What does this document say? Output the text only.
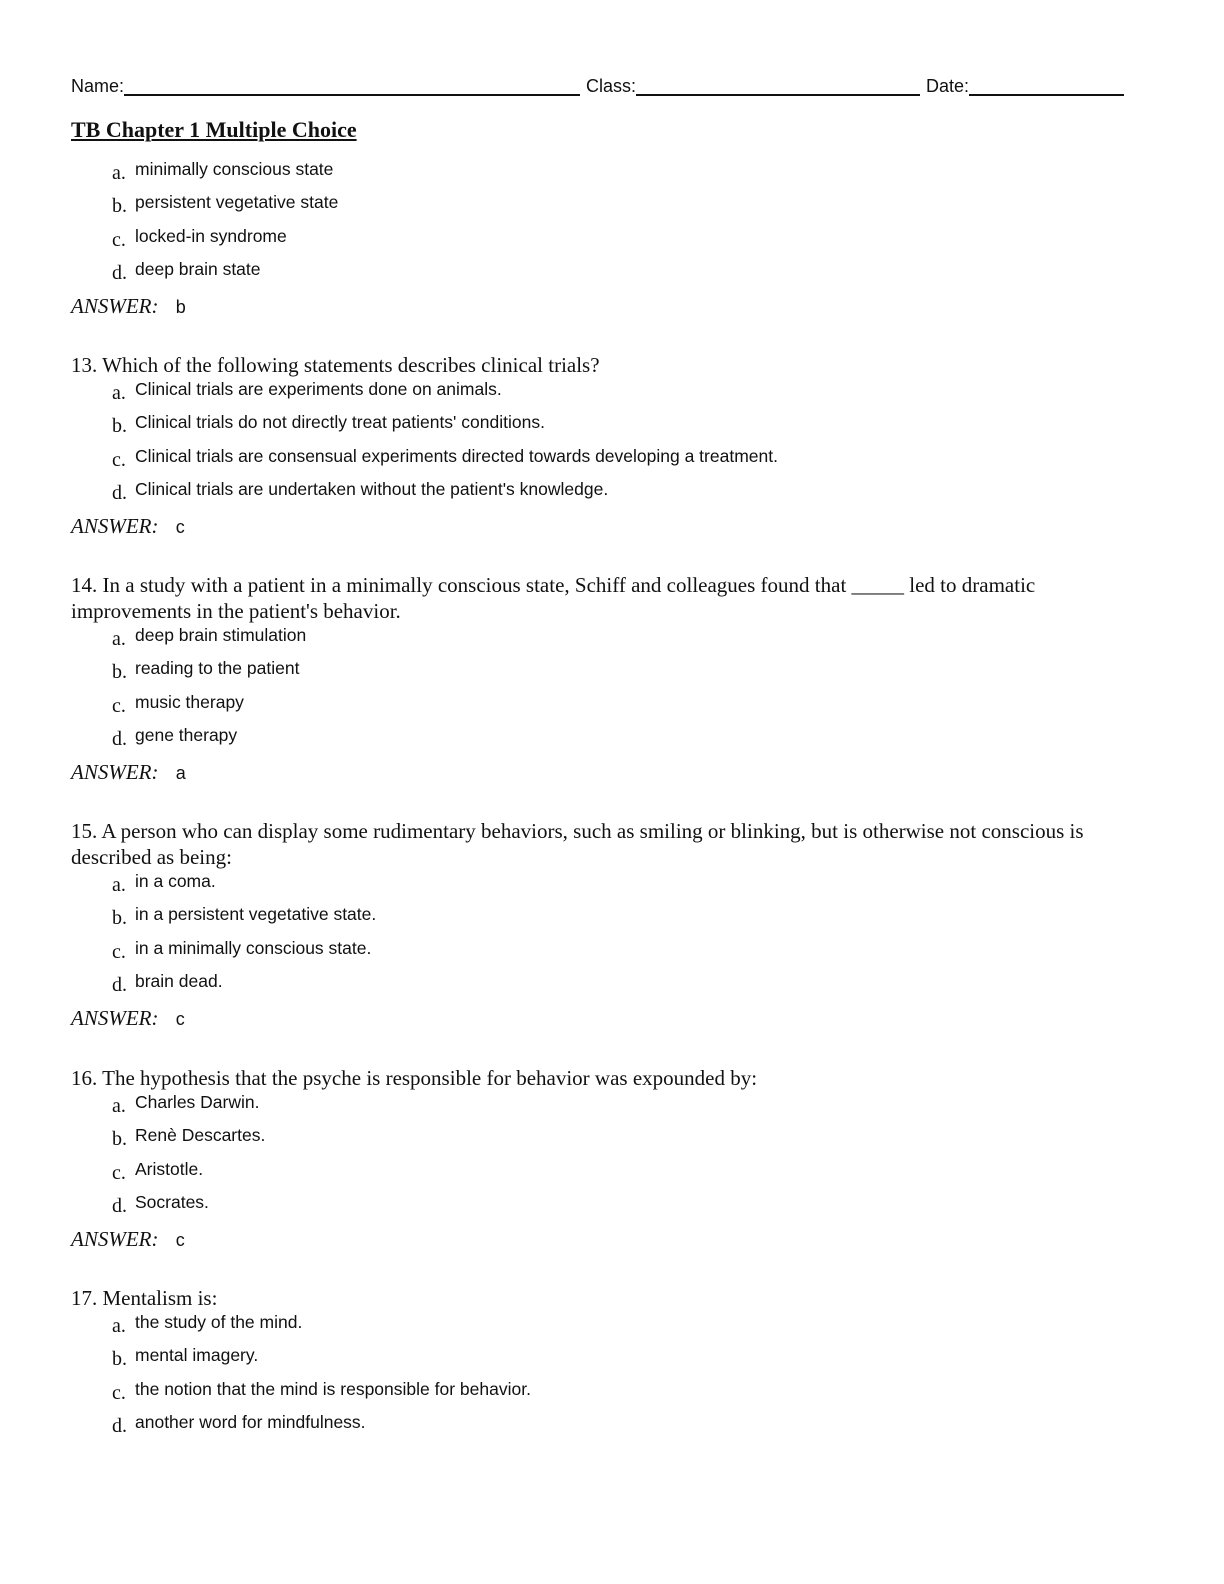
Name:	Class:	Date:
TB Chapter 1 Multiple Choice
a. minimally conscious state
b. persistent vegetative state
c. locked-in syndrome
d. deep brain state
ANSWER: b

13. Which of the following statements describes clinical trials?

a. Clinical trials are experiments done on animals.
b. Clinical trials do not directly treat patients' conditions.
c. Clinical trials are consensual experiments directed towards developing a treatment.
d. Clinical trials are undertaken without the patient's knowledge.
ANSWER: c

14. In a study with a patient in a minimally conscious state, Schiff and colleagues found that _____ led to dramatic improvements in the patient's behavior.

a. deep brain stimulation
b. reading to the patient
c. music therapy
d. gene therapy
ANSWER: a

15. A person who can display some rudimentary behaviors, such as smiling or blinking, but is otherwise not conscious is described as being:

a. in a coma.
b. in a persistent vegetative state.
c. in a minimally conscious state.
d. brain dead.
ANSWER: c

16. The hypothesis that the psyche is responsible for behavior was expounded by:

a. Charles Darwin.
b. Renè Descartes.
c. Aristotle.
d. Socrates.
ANSWER: c

17. Mentalism is:

a. the study of the mind.
b. mental imagery.
c. the notion that the mind is responsible for behavior.
d. another word for mindfulness.
